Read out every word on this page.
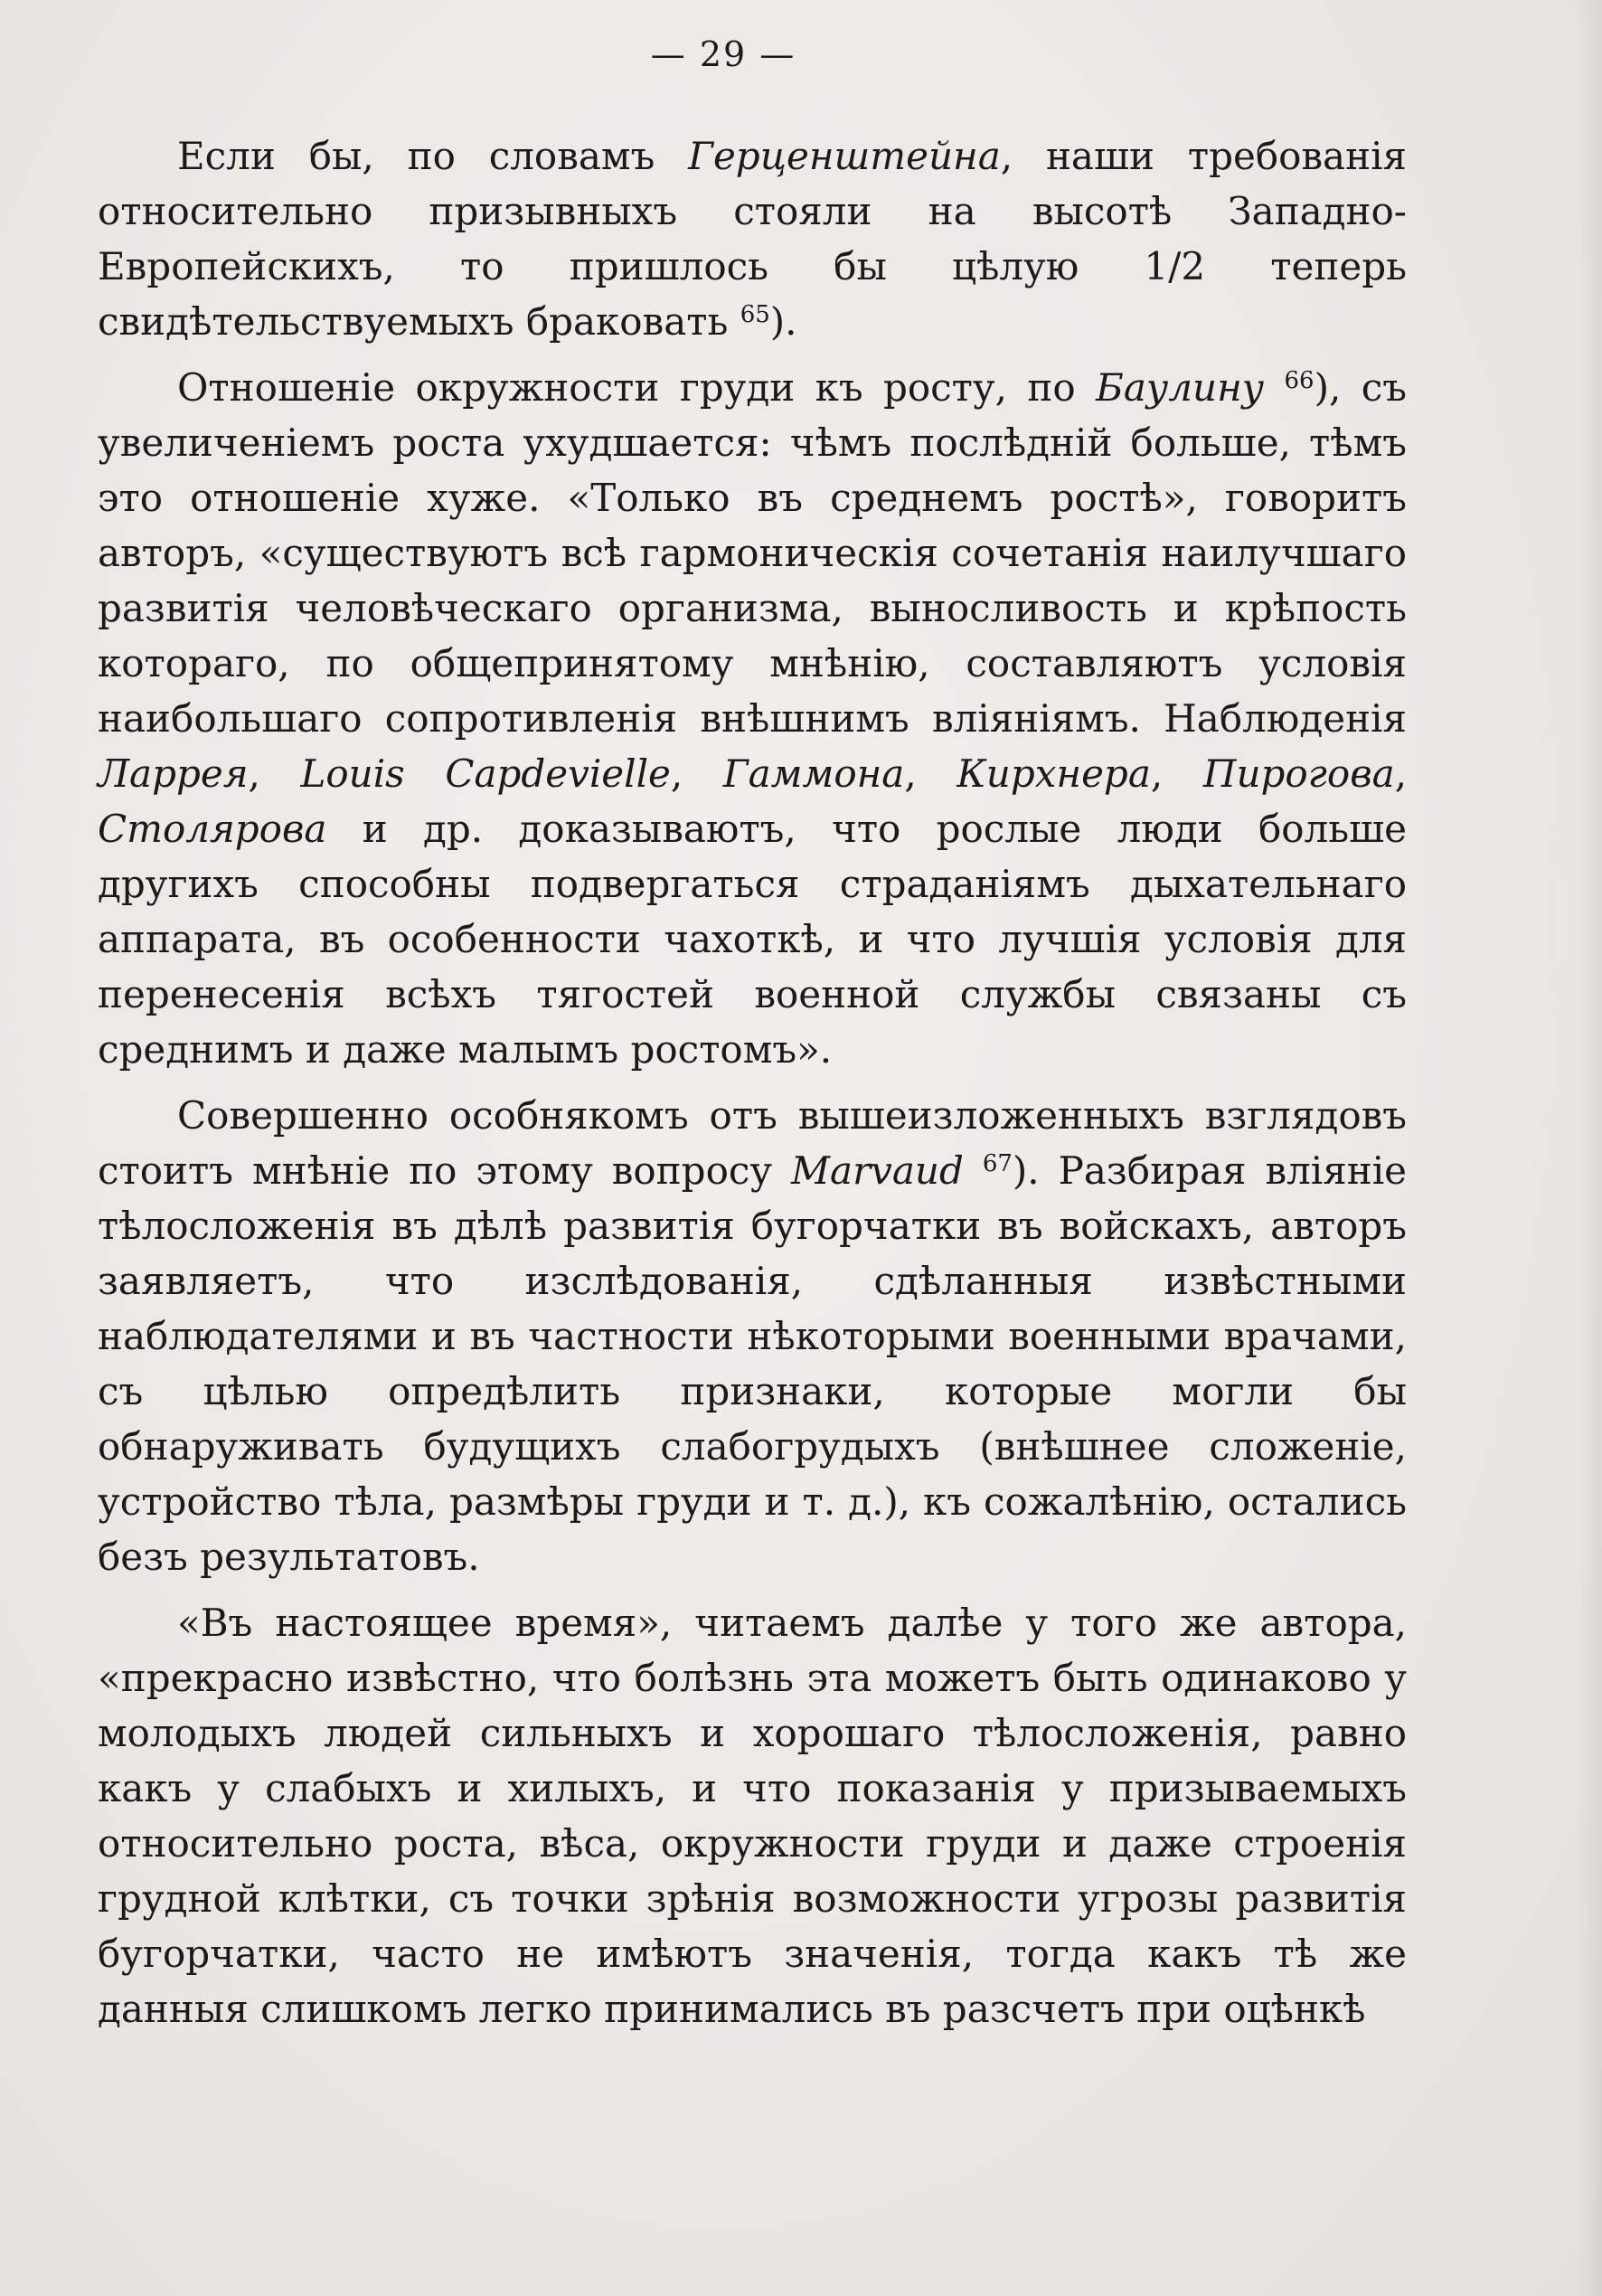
— 29 —

Если бы, по словамъ Герценштейна, наши требованія относительно призывныхъ стояли на высотѣ Западно-Европейскихъ, то пришлось бы цѣлую 1/2 теперь свидѣтельствуемыхъ браковать $^{65}$).

Отношеніе окружности груди къ росту, по Баулину $^{66}$), съ увеличеніемъ роста ухудшается: чѣмъ послѣдній больше, тѣмъ это отношеніе хуже. «Только въ среднемъ ростѣ», говоритъ авторъ, «существуютъ всѣ гармоническія сочетанія наилучшаго развитія человѣческаго организма, выносливость и крѣпость котораго, по общепринятому мнѣнію, составляютъ условія наибольшаго сопротивленія внѣшнимъ вліяніямъ. Наблюденія Ларрея, Louis Capdevielle, Гаммона, Кирхнера, Пирогова, Столярова и др. доказываютъ, что рослые люди больше другихъ способны подвергаться страданіямъ дыхательнаго аппарата, въ особенности чахоткѣ, и что лучшія условія для перенесенія всѣхъ тягостей военной службы связаны съ среднимъ и даже малымъ ростомъ».

Совершенно особнякомъ отъ вышеизложенныхъ взглядовъ стоитъ мнѣніе по этому вопросу Marvaud $^{67}$). Разбирая вліяніе тѣлосложенія въ дѣлѣ развитія бугорчатки въ войскахъ, авторъ заявляетъ, что изслѣдованія, сдѣланныя извѣстными наблюдателями и въ частности нѣкоторыми военными врачами, съ цѣлью опредѣлить признаки, которые могли бы обнаруживать будущихъ слабогрудыхъ (внѣшнее сложеніе, устройство тѣла, размѣры груди и т. д.), къ сожалѣнію, остались безъ результатовъ.

«Въ настоящее время», читаемъ далѣе у того же автора, «прекрасно извѣстно, что болѣзнь эта можетъ быть одинаково у молодыхъ людей сильныхъ и хорошаго тѣлосложенія, равно какъ у слабыхъ и хилыхъ, и что показанія у призываемыхъ относительно роста, вѣса, окружности груди и даже строенія грудной клѣтки, съ точки зрѣнія возможности угрозы развитія бугорчатки, часто не имѣютъ значенія, тогда какъ тѣ же данныя слишкомъ легко принимались въ разсчетъ при оцѣнкѣ
